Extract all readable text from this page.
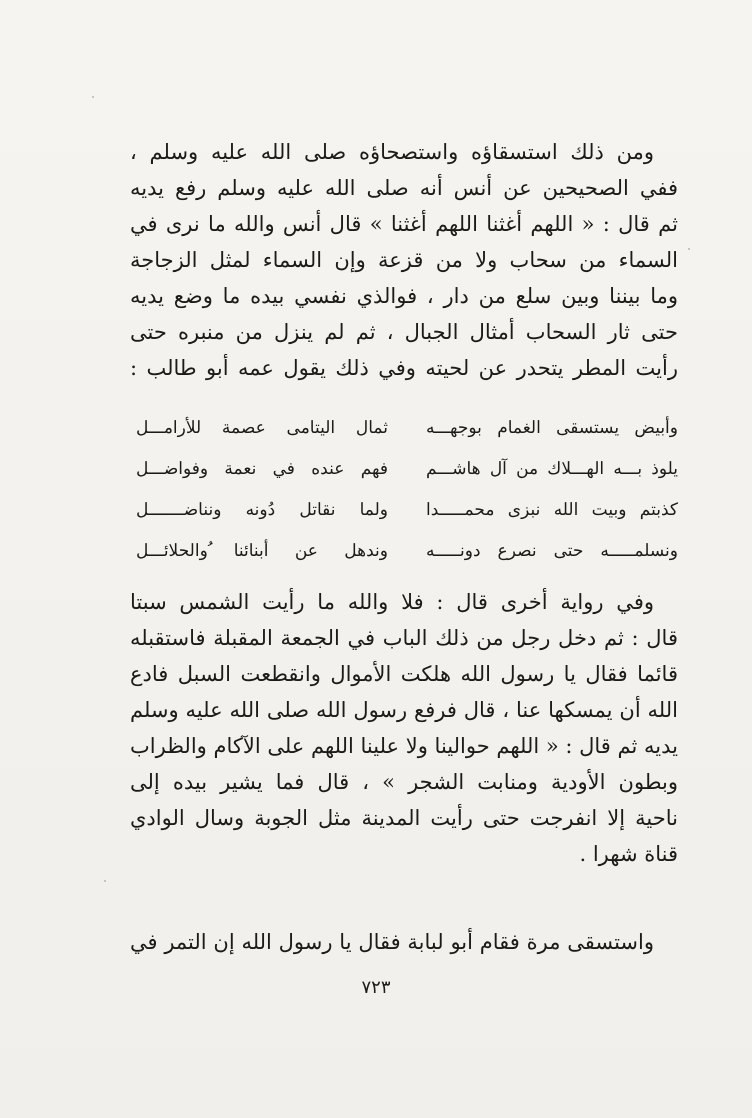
ومن ذلك استسقاؤه واستصحاؤه صلى الله عليه وسلم ،
ففي الصحيحين عن أنس أنه صلى الله عليه وسلم رفع يديه
ثم قال : « اللهم أغثنا اللهم أغثنا » قال أنس والله ما نرى في
السماء من سحاب ولا من قزعة وإن السماء لمثل الزجاجة
وما بيننا وبين سلع من دار ، فوالذي نفسي بيده ما وضع يديه
حتى ثار السحاب أمثال الجبال ، ثم لم ينزل من منبره حتى
رأيت المطر يتحدر عن لحيته وفي ذلك يقول عمه أبو طالب :
وأبيض يستسقى الغمام بوجهـــه
ثمال اليتامى عصمة للأرامـــل
يلوذ بـــه الهـــلاك من آل هاشـــم
فهم عنده في نعمة وفواضـــل
كذبتم وبيت الله نبزى محمـــــدا
ولما نقاتل دُونه ونناضـــــــل
ونسلمـــــه حتى نصرع دونـــــه
وندهل عن أبنائنا ُوالحلائـــل
وفي رواية أخرى قال : فلا والله ما رأيت الشمس سبتا
قال : ثم دخل رجل من ذلك الباب في الجمعة المقبلة فاستقبله
قائما فقال يا رسول الله هلكت الأموال وانقطعت السبل فادع
الله أن يمسكها عنا ، قال فرفع رسول الله صلى الله عليه وسلم
يديه ثم قال : « اللهم حوالينا ولا علينا اللهم على الآكام والظراب
وبطون الأودية ومنابت الشجر » ، قال فما يشير بيده إلى
ناحية إلا انفرجت حتى رأيت المدينة مثل الجوبة وسال الوادي
قناة شهرا .
واستسقى مرة فقام أبو لبابة فقال يا رسول الله إن التمر في
٧٢٣
